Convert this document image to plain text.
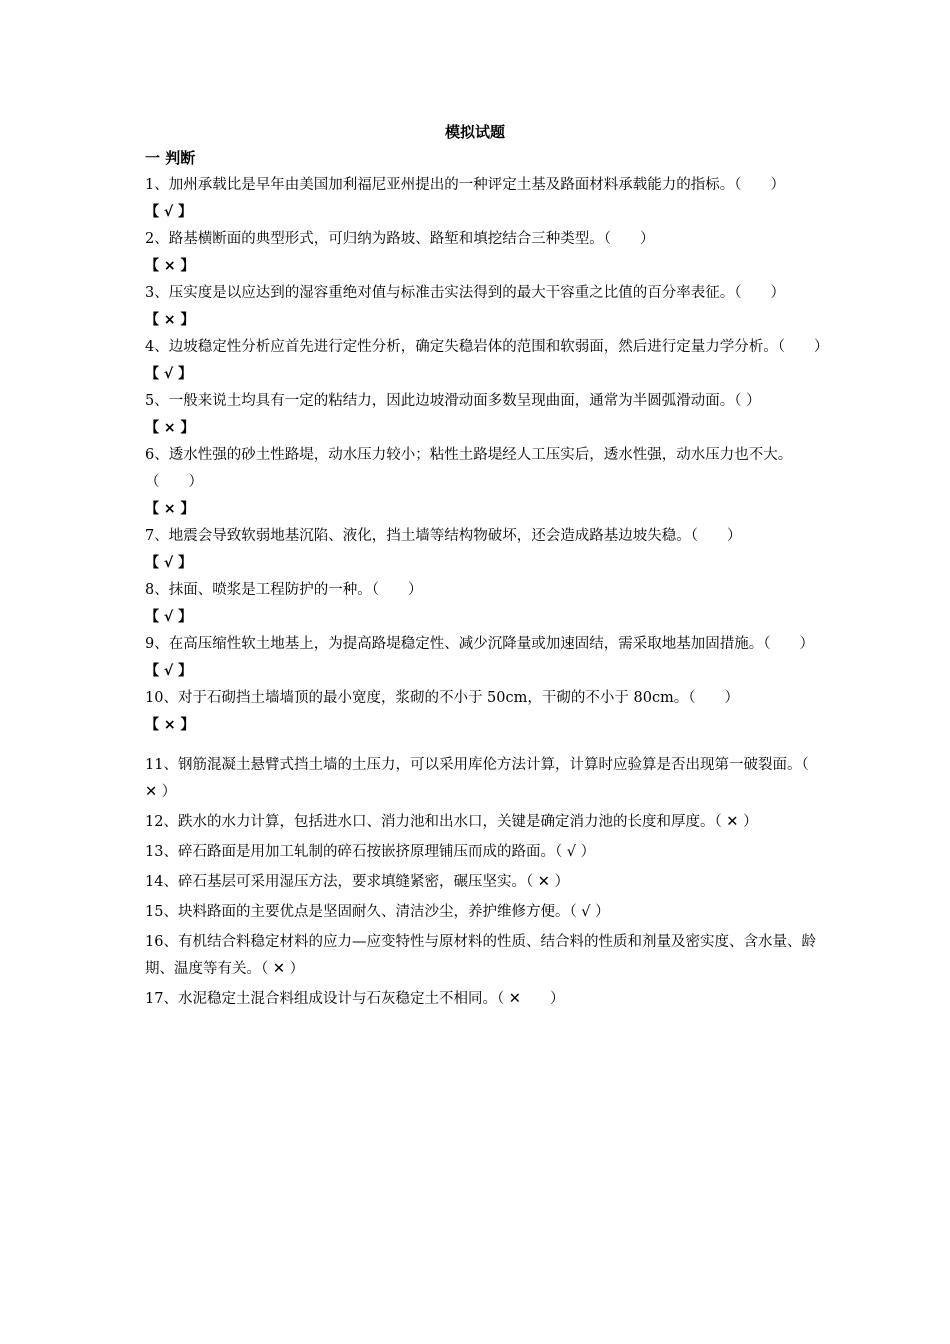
模拟试题
一 判断
1、加州承载比是早年由美国加利福尼亚州提出的一种评定土基及路面材料承载能力的指标。（　　）
【 √ 】
2、路基横断面的典型形式，可归纳为路坡、路堑和填挖结合三种类型。（　　）
【 × 】
3、压实度是以应达到的湿容重绝对值与标准击实法得到的最大干容重之比值的百分率表征。（　　）
【 × 】
4、边坡稳定性分析应首先进行定性分析，确定失稳岩体的范围和软弱面，然后进行定量力学分析。（　　）
【 √ 】
5、一般来说土均具有一定的粘结力，因此边坡滑动面多数呈现曲面，通常为半圆弧滑动面。（ ）
【 × 】
6、透水性强的砂土性路堤，动水压力较小；粘性土路堤经人工压实后，透水性强，动水压力也不大。（　　）
【 × 】
7、地震会导致软弱地基沉陷、液化，挡土墙等结构物破坏，还会造成路基边坡失稳。（　　）
【 √ 】
8、抹面、喷浆是工程防护的一种。（　　）
【 √ 】
9、在高压缩性软土地基上，为提高路堤稳定性、减少沉降量或加速固结，需采取地基加固措施。（　　）
【 √ 】
10、对于石砌挡土墙墙顶的最小宽度，浆砌的不小于 50cm，干砌的不小于 80cm。（　　）
【 × 】
11、钢筋混凝土悬臂式挡土墙的土压力，可以采用库伦方法计算，计算时应验算是否出现第一破裂面。（ ✕ ）
12、跌水的水力计算，包括进水口、消力池和出水口，关键是确定消力池的长度和厚度。（ ✕ ）
13、碎石路面是用加工轧制的碎石按嵌挤原理铺压而成的路面。（ √ ）
14、碎石基层可采用湿压方法，要求填缝紧密，碾压坚实。（ ✕ ）
15、块料路面的主要优点是坚固耐久、清洁沙尘，养护维修方便。（ √ ）
16、有机结合料稳定材料的应力—应变特性与原材料的性质、结合料的性质和剂量及密实度、含水量、龄期、温度等有关。（ ✕ ）
17、水泥稳定土混合料组成设计与石灰稳定土不相同。（ ✕　　）
